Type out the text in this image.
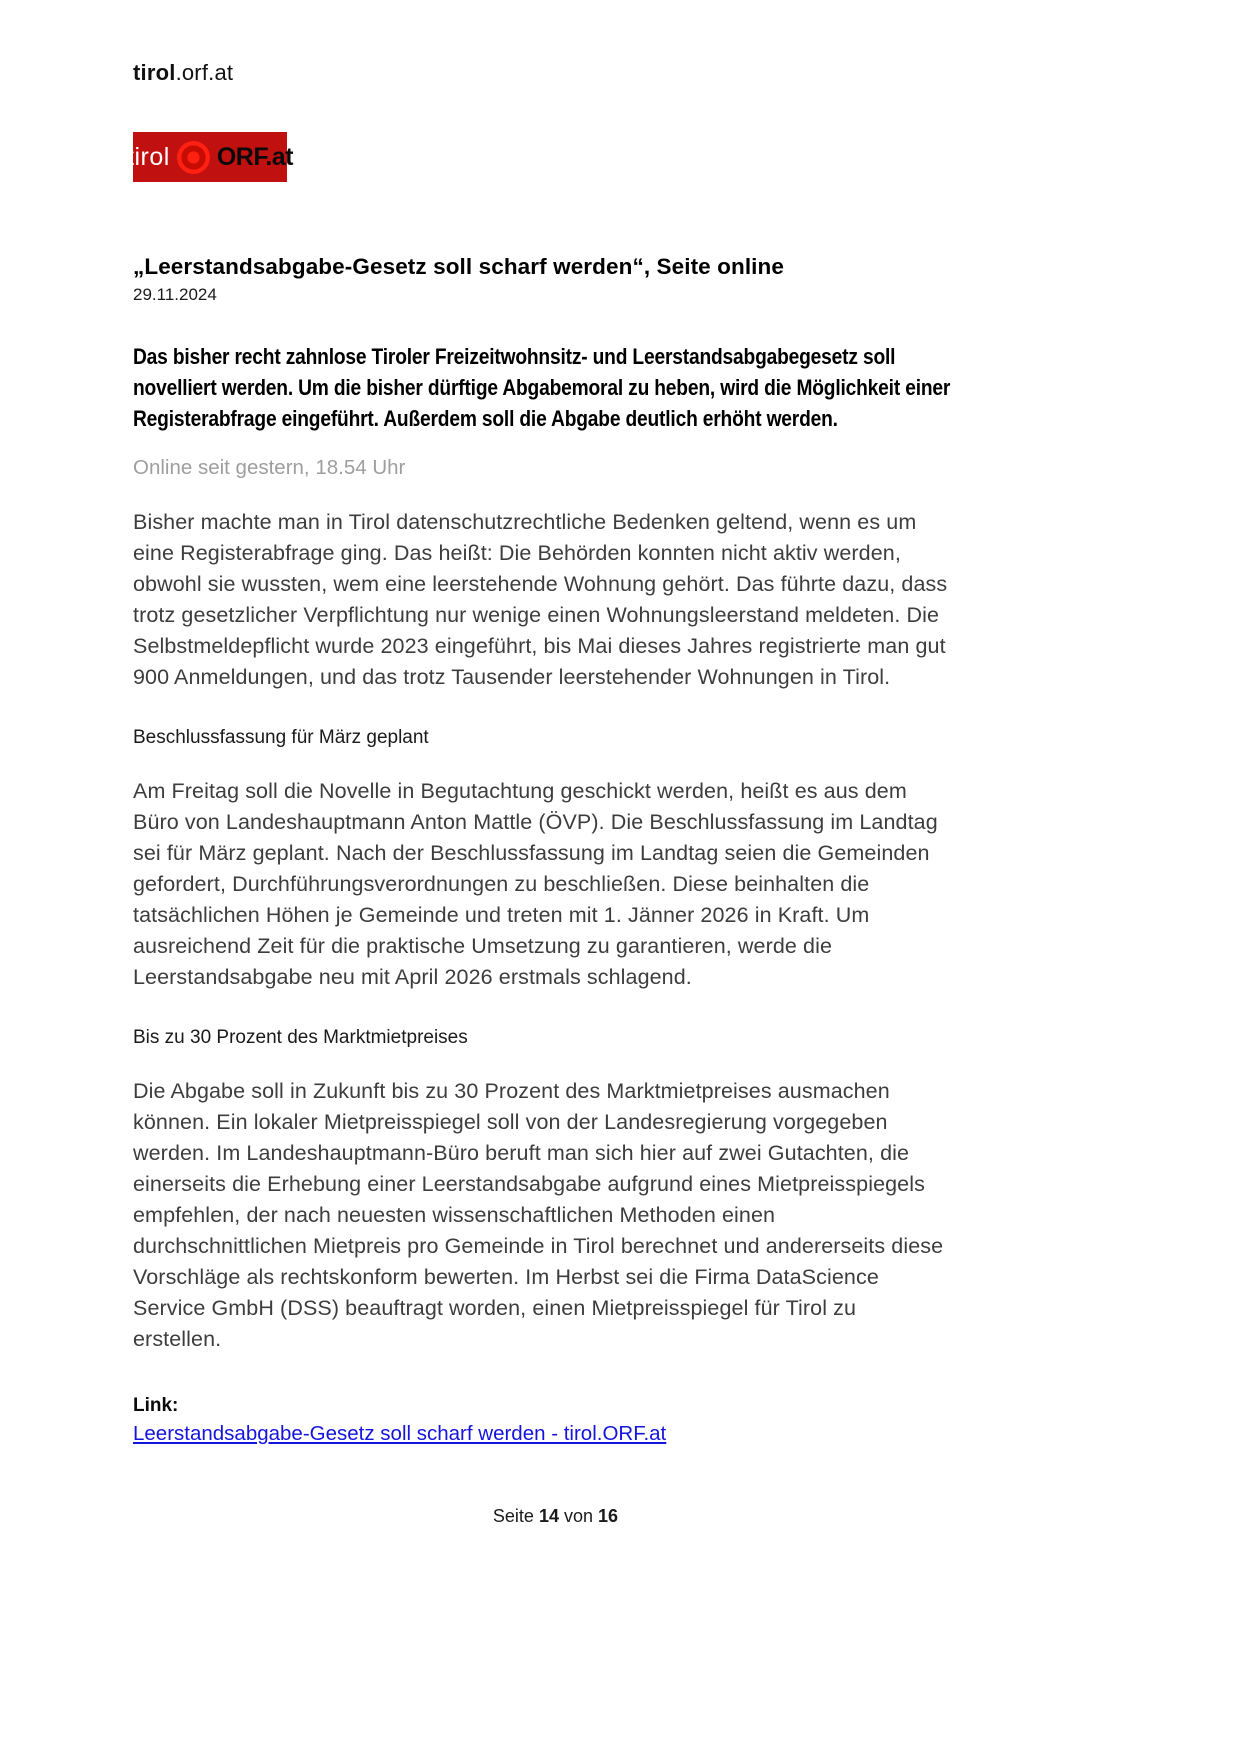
tirol.orf.at
tirol ORF.at
„Leerstandsabgabe-Gesetz soll scharf werden“, Seite online
29.11.2024

Das bisher recht zahnlose Tiroler Freizeitwohnsitz- und Leerstandsabgabegesetz soll novelliert werden. Um die bisher dürftige Abgabemoral zu heben, wird die Möglichkeit einer Registerabfrage eingeführt. Außerdem soll die Abgabe deutlich erhöht werden.

Online seit gestern, 18.54 Uhr

Bisher machte man in Tirol datenschutzrechtliche Bedenken geltend, wenn es um eine Registerabfrage ging. Das heißt: Die Behörden konnten nicht aktiv werden, obwohl sie wussten, wem eine leerstehende Wohnung gehört. Das führte dazu, dass trotz gesetzlicher Verpflichtung nur wenige einen Wohnungsleerstand meldeten. Die Selbstmeldepflicht wurde 2023 eingeführt, bis Mai dieses Jahres registrierte man gut 900 Anmeldungen, und das trotz Tausender leerstehender Wohnungen in Tirol.

Beschlussfassung für März geplant

Am Freitag soll die Novelle in Begutachtung geschickt werden, heißt es aus dem Büro von Landeshauptmann Anton Mattle (ÖVP). Die Beschlussfassung im Landtag sei für März geplant. Nach der Beschlussfassung im Landtag seien die Gemeinden gefordert, Durchführungsverordnungen zu beschließen. Diese beinhalten die tatsächlichen Höhen je Gemeinde und treten mit 1. Jänner 2026 in Kraft. Um ausreichend Zeit für die praktische Umsetzung zu garantieren, werde die Leerstandsabgabe neu mit April 2026 erstmals schlagend.

Bis zu 30 Prozent des Marktmietpreises

Die Abgabe soll in Zukunft bis zu 30 Prozent des Marktmietpreises ausmachen können. Ein lokaler Mietpreisspiegel soll von der Landesregierung vorgegeben werden. Im Landeshauptmann-Büro beruft man sich hier auf zwei Gutachten, die einerseits die Erhebung einer Leerstandsabgabe aufgrund eines Mietpreisspiegels empfehlen, der nach neuesten wissenschaftlichen Methoden einen durchschnittlichen Mietpreis pro Gemeinde in Tirol berechnet und andererseits diese Vorschläge als rechtskonform bewerten. Im Herbst sei die Firma DataScience Service GmbH (DSS) beauftragt worden, einen Mietpreisspiegel für Tirol zu erstellen.

Link:
Leerstandsabgabe-Gesetz soll scharf werden - tirol.ORF.at
Seite 14 von 16
